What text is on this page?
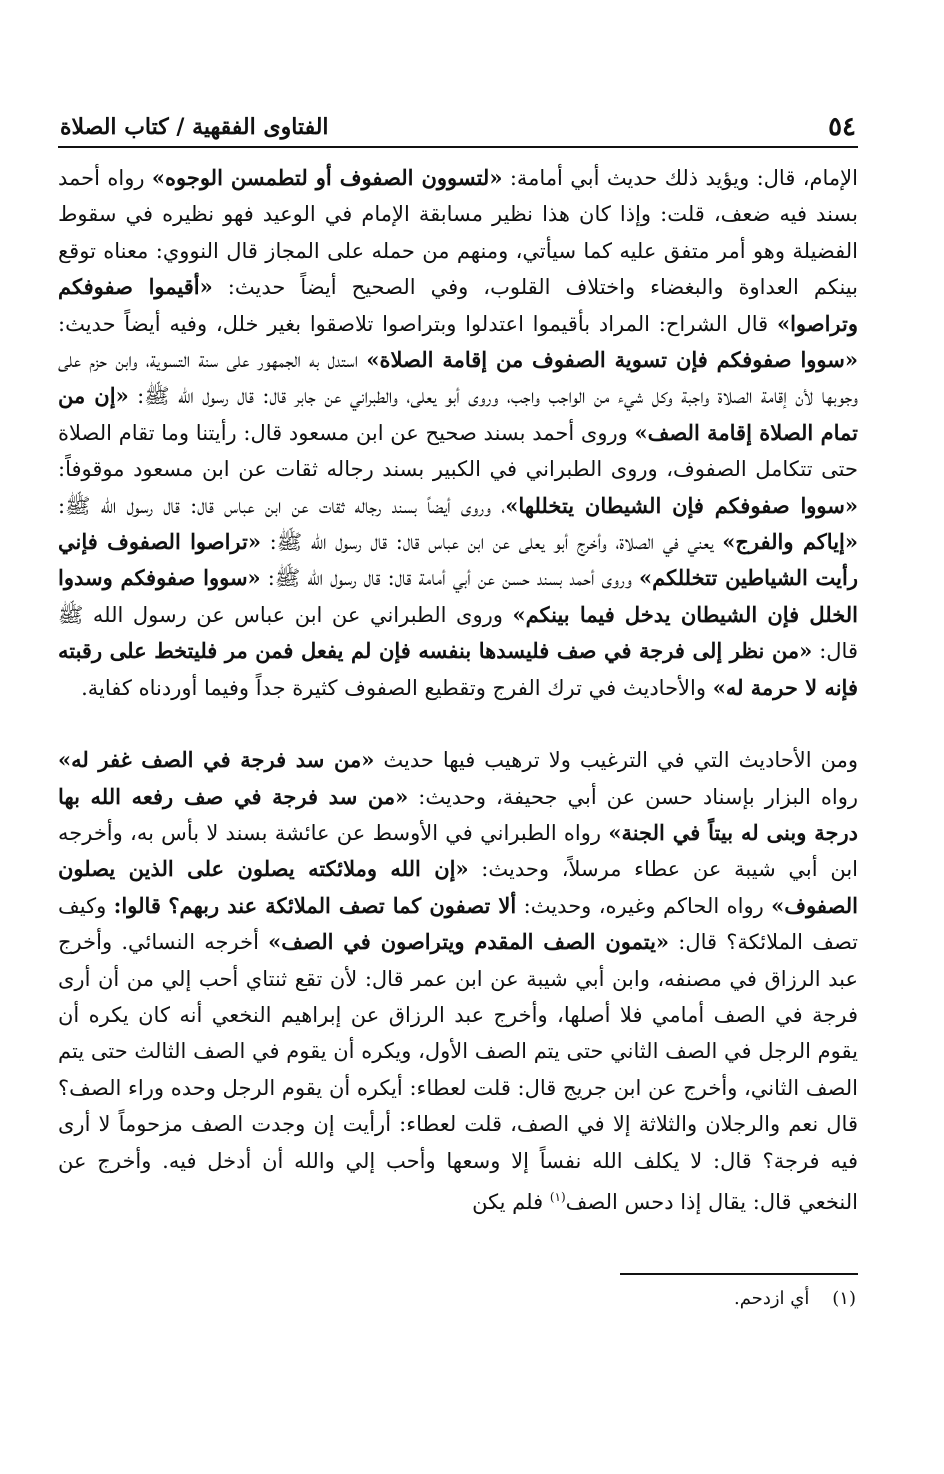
٥٤
الفتاوى الفقهية / كتاب الصلاة

الإمام، قال: ويؤيد ذلك حديث أبي أمامة: «لتسوون الصفوف أو لتطمسن الوجوه» رواه أحمد بسند فيه ضعف، قلت: وإذا كان هذا نظير مسابقة الإمام في الوعيد فهو نظيره في سقوط الفضيلة وهو أمر متفق عليه كما سيأتي، ومنهم من حمله على المجاز قال النووي: معناه توقع بينكم العداوة والبغضاء واختلاف القلوب، وفي الصحيح أيضاً حديث: «أقيموا صفوفكم وتراصوا» قال الشراح: المراد بأقيموا اعتدلوا وبتراصوا تلاصقوا بغير خلل، وفيه أيضاً حديث: «سووا صفوفكم فإن تسوية الصفوف من إقامة الصلاة» استدل به الجمهور على سنة التسوية، وابن حزم على وجوبها لأن إقامة الصلاة واجبة وكل شيء من الواجب واجب، وروى أبو يعلى، والطبراني عن جابر قال: قال رسول الله ﷺ: «إن من تمام الصلاة إقامة الصف» وروى أحمد بسند صحيح عن ابن مسعود قال: رأيتنا وما تقام الصلاة حتى تتكامل الصفوف، وروى الطبراني في الكبير بسند رجاله ثقات عن ابن مسعود موقوفاً: «سووا صفوفكم فإن الشيطان يتخللها»، وروى أيضاً بسند رجاله ثقات عن ابن عباس قال: قال رسول الله ﷺ: «إياكم والفرج» يعني في الصلاة، وأخرج أبو يعلى عن ابن عباس قال: قال رسول الله ﷺ: «تراصوا الصفوف فإني رأيت الشياطين تتخللكم» وروى أحمد بسند حسن عن أبي أمامة قال: قال رسول الله ﷺ: «سووا صفوفكم وسدوا الخلل فإن الشيطان يدخل فيما بينكم» وروى الطبراني عن ابن عباس عن رسول الله ﷺ قال: «من نظر إلى فرجة في صف فليسدها بنفسه فإن لم يفعل فمن مر فليتخط على رقبته فإنه لا حرمة له» والأحاديث في ترك الفرج وتقطيع الصفوف كثيرة جداً وفيما أوردناه كفاية.

ومن الأحاديث التي في الترغيب ولا ترهيب فيها حديث «من سد فرجة في الصف غفر له» رواه البزار بإسناد حسن عن أبي جحيفة، وحديث: «من سد فرجة في صف رفعه الله بها درجة وبنى له بيتاً في الجنة» رواه الطبراني في الأوسط عن عائشة بسند لا بأس به، وأخرجه ابن أبي شيبة عن عطاء مرسلاً، وحديث: «إن الله وملائكته يصلون على الذين يصلون الصفوف» رواه الحاكم وغيره، وحديث: ألا تصفون كما تصف الملائكة عند ربهم؟ قالوا: وكيف تصف الملائكة؟ قال: «يتمون الصف المقدم ويتراصون في الصف» أخرجه النسائي. وأخرج عبد الرزاق في مصنفه، وابن أبي شيبة عن ابن عمر قال: لأن تقع ثنتاي أحب إلي من أن أرى فرجة في الصف أمامي فلا أصلها، وأخرج عبد الرزاق عن إبراهيم النخعي أنه كان يكره أن يقوم الرجل في الصف الثاني حتى يتم الصف الأول، ويكره أن يقوم في الصف الثالث حتى يتم الصف الثاني، وأخرج عن ابن جريج قال: قلت لعطاء: أيكره أن يقوم الرجل وحده وراء الصف؟ قال نعم والرجلان والثلاثة إلا في الصف، قلت لعطاء: أرأيت إن وجدت الصف مزحوماً لا أرى فيه فرجة؟ قال: لا يكلف الله نفساً إلا وسعها وأحب إلي والله أن أدخل فيه. وأخرج عن النخعي قال: يقال إذا دحس الصف$^{(١)}$ فلم يكن

(١)    أي ازدحم.
